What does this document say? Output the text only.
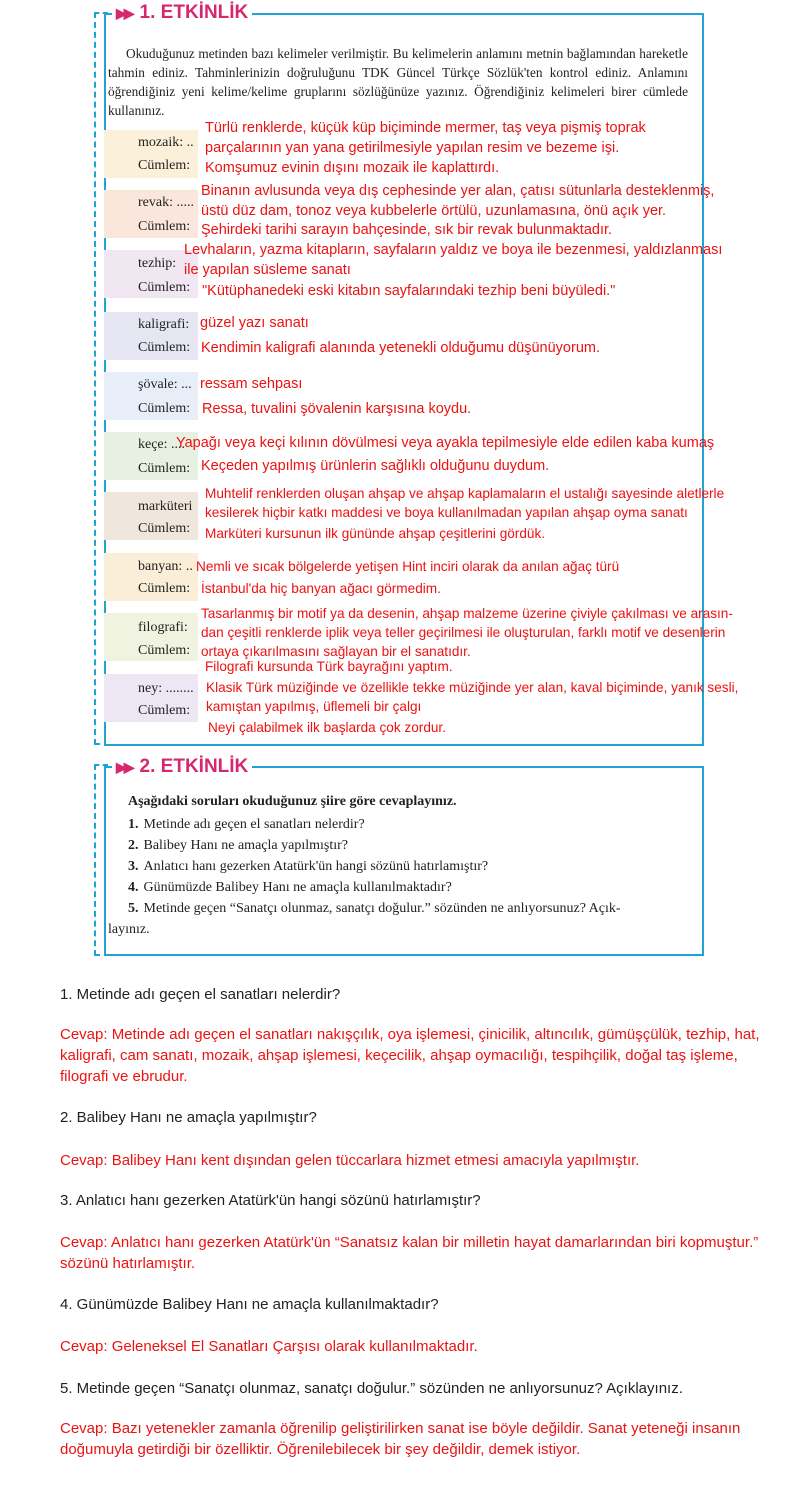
▶▶ 1. ETKİNLİK
Okuduğunuz metinden bazı kelimeler verilmiştir. Bu kelimelerin anlamını metnin bağlamından hareketle tahmin ediniz. Tahminlerinizin doğruluğunu TDK Güncel Türkçe Sözlük'ten kontrol ediniz. Anlamını öğrendiğiniz yeni kelime/kelime gruplarını sözlüğünüze yazınız. Öğrendiğiniz kelimeleri birer cümlede kullanınız.
mozaik: ..
Cümlem:
Türlü renklerde, küçük küp biçiminde mermer, taş veya pişmiş toprak
parçalarının yan yana getirilmesiyle yapılan resim ve bezeme işi.
Komşumuz evinin dışını mozaik ile kaplattırdı.
revak: .....
Cümlem:
Binanın avlusunda veya dış cephesinde yer alan, çatısı sütunlarla desteklenmiş,
üstü düz dam, tonoz veya kubbelerle örtülü, uzunlamasına, önü açık yer.
Şehirdeki tarihi sarayın bahçesinde, sık bir revak bulunmaktadır.
tezhip:
Cümlem:
Levhaların, yazma kitapların, sayfaların yaldız ve boya ile bezenmesi, yaldızlanması
ile yapılan süsleme sanatı
"Kütüphanedeki eski kitabın sayfalarındaki tezhip beni büyüledi."
kaligrafi:
Cümlem:
güzel yazı sanatı
Kendimin kaligrafi alanında yetenekli olduğumu düşünüyorum.
şövale: ...
Cümlem:
ressam sehpası
Ressa, tuvalini şövalenin karşısına koydu.
keçe: ....
Cümlem:
Yapağı veya keçi kılının dövülmesi veya ayakla tepilmesiyle elde edilen kaba kumaş
Keçeden yapılmış ürünlerin sağlıklı olduğunu duydum.
marküteri
Cümlem:
Muhtelif renklerden oluşan ahşap ve ahşap kaplamaların el ustalığı sayesinde aletlerle
kesilerek hiçbir katkı maddesi ve boya kullanılmadan yapılan ahşap oyma sanatı
Marküteri kursunun ilk gününde ahşap çeşitlerini gördük.
banyan: ..
Cümlem:
Nemli ve sıcak bölgelerde yetişen Hint inciri olarak da anılan ağaç türü
İstanbul'da hiç banyan ağacı görmedim.
filografi:
Cümlem:
Tasarlanmış bir motif ya da desenin, ahşap malzeme üzerine çiviyle çakılması ve arasın-
dan çeşitli renklerde iplik veya teller geçirilmesi ile oluşturulan, farklı motif ve desenlerin
ortaya çıkarılmasını sağlayan bir el sanatıdır.
Filografi kursunda Türk bayrağını yaptım.
ney: ........
Cümlem:
Klasik Türk müziğinde ve özellikle tekke müziğinde yer alan, kaval biçiminde, yanık sesli,
kamıştan yapılmış, üflemeli bir çalgı
Neyi çalabilmek ilk başlarda çok zordur.
▶▶ 2. ETKİNLİK
Aşağıdaki soruları okuduğunuz şiire göre cevaplayınız.
1. Metinde adı geçen el sanatları nelerdir?
2. Balibey Hanı ne amaçla yapılmıştır?
3. Anlatıcı hanı gezerken Atatürk'ün hangi sözünü hatırlamıştır?
4. Günümüzde Balibey Hanı ne amaçla kullanılmaktadır?
5. Metinde geçen “Sanatçı olunmaz, sanatçı doğulur.” sözünden ne anlıyorsunuz? Açık-
layınız.
1. Metinde adı geçen el sanatları nelerdir?
Cevap: Metinde adı geçen el sanatları nakışçılık, oya işlemesi, çinicilik, altıncılık, gümüşçülük, tezhip, hat, kaligrafi, cam sanatı, mozaik, ahşap işlemesi, keçecilik, ahşap oymacılığı, tespihçilik, doğal taş işleme, filografi ve ebrudur.
2. Balibey Hanı ne amaçla yapılmıştır?
Cevap: Balibey Hanı kent dışından gelen tüccarlara hizmet etmesi amacıyla yapılmıştır.
3. Anlatıcı hanı gezerken Atatürk'ün hangi sözünü hatırlamıştır?
Cevap: Anlatıcı hanı gezerken Atatürk'ün “Sanatsız kalan bir milletin hayat damarlarından biri kopmuştur.” sözünü hatırlamıştır.
4. Günümüzde Balibey Hanı ne amaçla kullanılmaktadır?
Cevap: Geleneksel El Sanatları Çarşısı olarak kullanılmaktadır.
5. Metinde geçen “Sanatçı olunmaz, sanatçı doğulur.” sözünden ne anlıyorsunuz? Açıklayınız.
Cevap: Bazı yetenekler zamanla öğrenilip geliştirilirken sanat ise böyle değildir. Sanat yeteneği insanın doğumuyla getirdiği bir özelliktir. Öğrenilebilecek bir şey değildir, demek istiyor.
